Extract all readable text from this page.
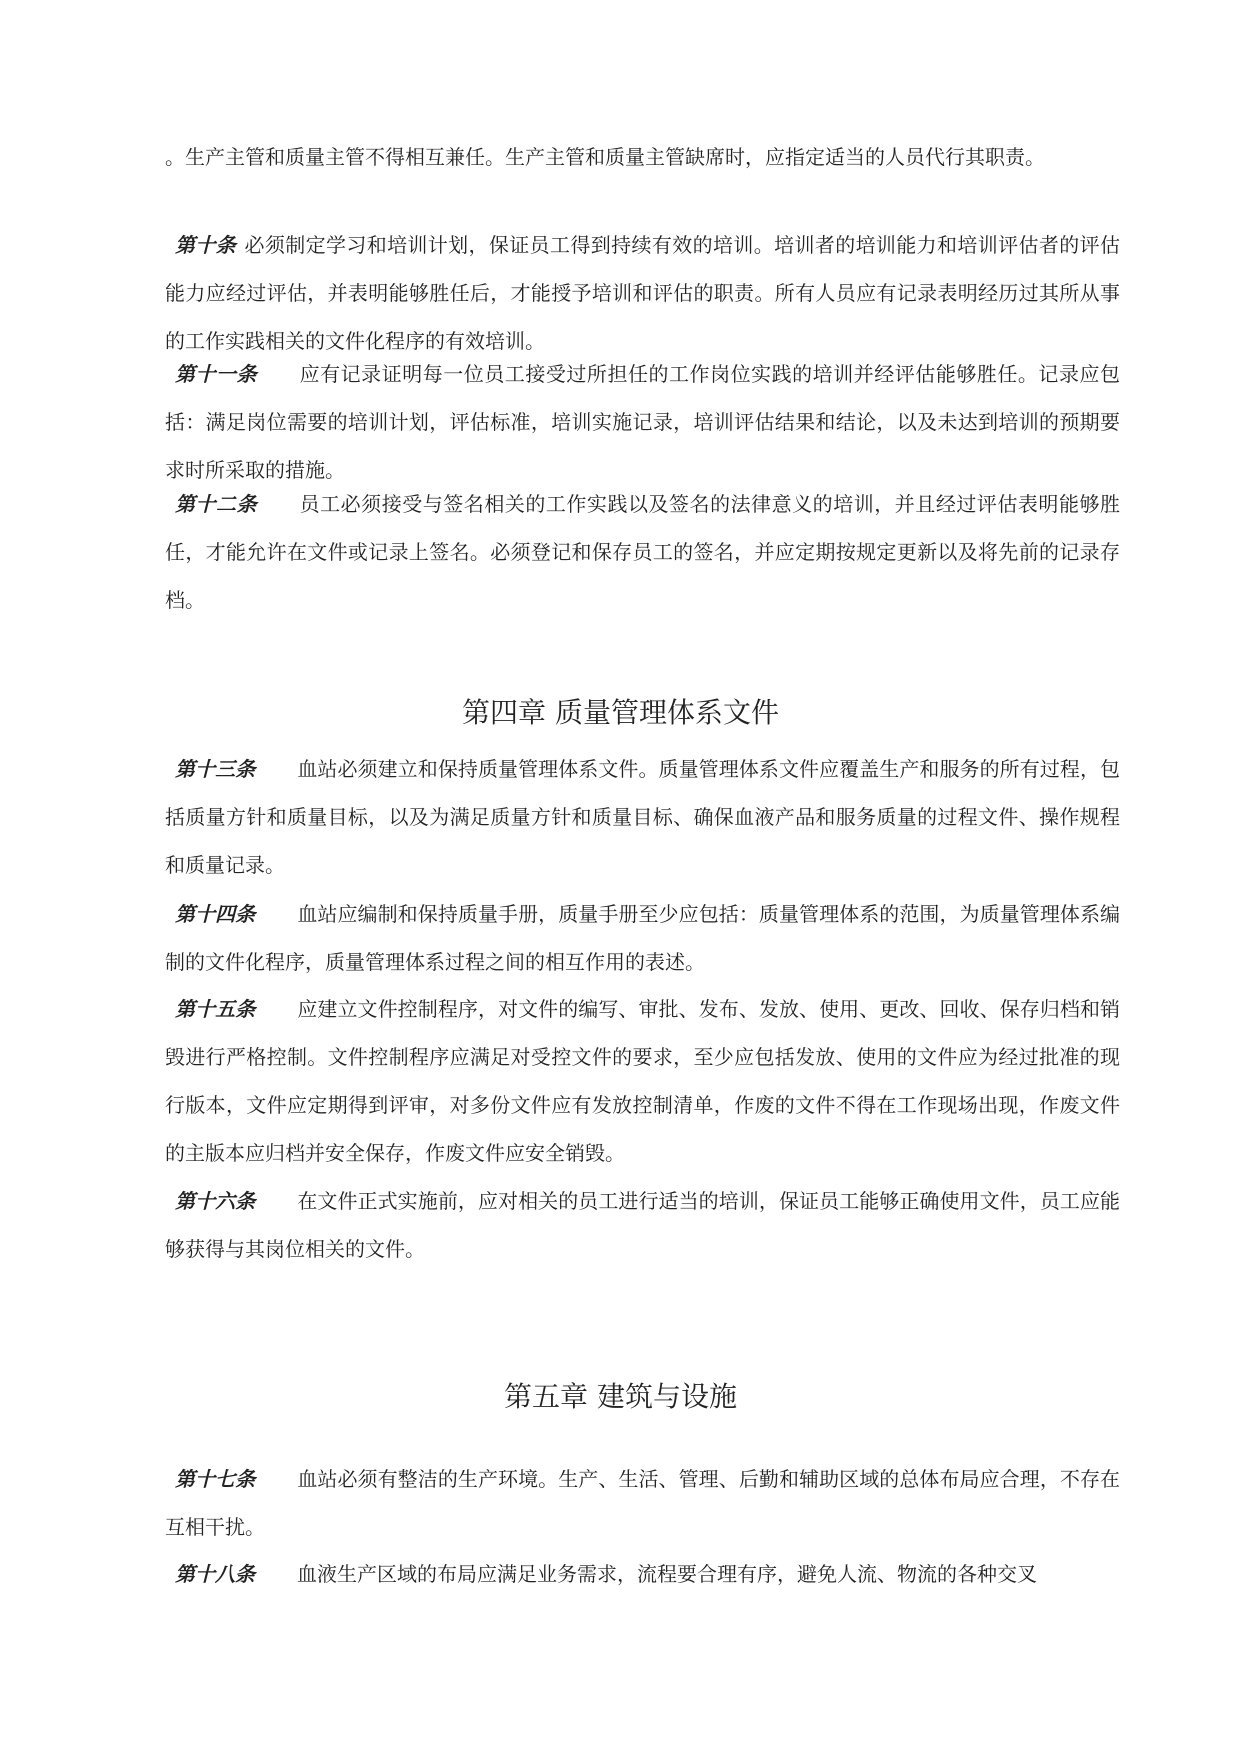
。生产主管和质量主管不得相互兼任。生产主管和质量主管缺席时，应指定适当的人员代行其职责。

第十条 必须制定学习和培训计划，保证员工得到持续有效的培训。培训者的培训能力和培训评估者的评估能力应经过评估，并表明能够胜任后，才能授予培训和评估的职责。所有人员应有记录表明经历过其所从事的工作实践相关的文件化程序的有效培训。

第十一条 应有记录证明每一位员工接受过所担任的工作岗位实践的培训并经评估能够胜任。记录应包括：满足岗位需要的培训计划，评估标准，培训实施记录，培训评估结果和结论，以及未达到培训的预期要求时所采取的措施。

第十二条 员工必须接受与签名相关的工作实践以及签名的法律意义的培训，并且经过评估表明能够胜任，才能允许在文件或记录上签名。必须登记和保存员工的签名，并应定期按规定更新以及将先前的记录存档。

第四章 质量管理体系文件

第十三条 血站必须建立和保持质量管理体系文件。质量管理体系文件应覆盖生产和服务的所有过程，包括质量方针和质量目标，以及为满足质量方针和质量目标、确保血液产品和服务质量的过程文件、操作规程和质量记录。

第十四条 血站应编制和保持质量手册，质量手册至少应包括：质量管理体系的范围，为质量管理体系编制的文件化程序，质量管理体系过程之间的相互作用的表述。

第十五条 应建立文件控制程序，对文件的编写、审批、发布、发放、使用、更改、回收、保存归档和销毁进行严格控制。文件控制程序应满足对受控文件的要求，至少应包括发放、使用的文件应为经过批准的现行版本，文件应定期得到评审，对多份文件应有发放控制清单，作废的文件不得在工作现场出现，作废文件的主版本应归档并安全保存，作废文件应安全销毁。

第十六条 在文件正式实施前，应对相关的员工进行适当的培训，保证员工能够正确使用文件，员工应能够获得与其岗位相关的文件。

第五章 建筑与设施

第十七条 血站必须有整洁的生产环境。生产、生活、管理、后勤和辅助区域的总体布局应合理，不存在互相干扰。

第十八条 血液生产区域的布局应满足业务需求，流程要合理有序，避免人流、物流的各种交叉
